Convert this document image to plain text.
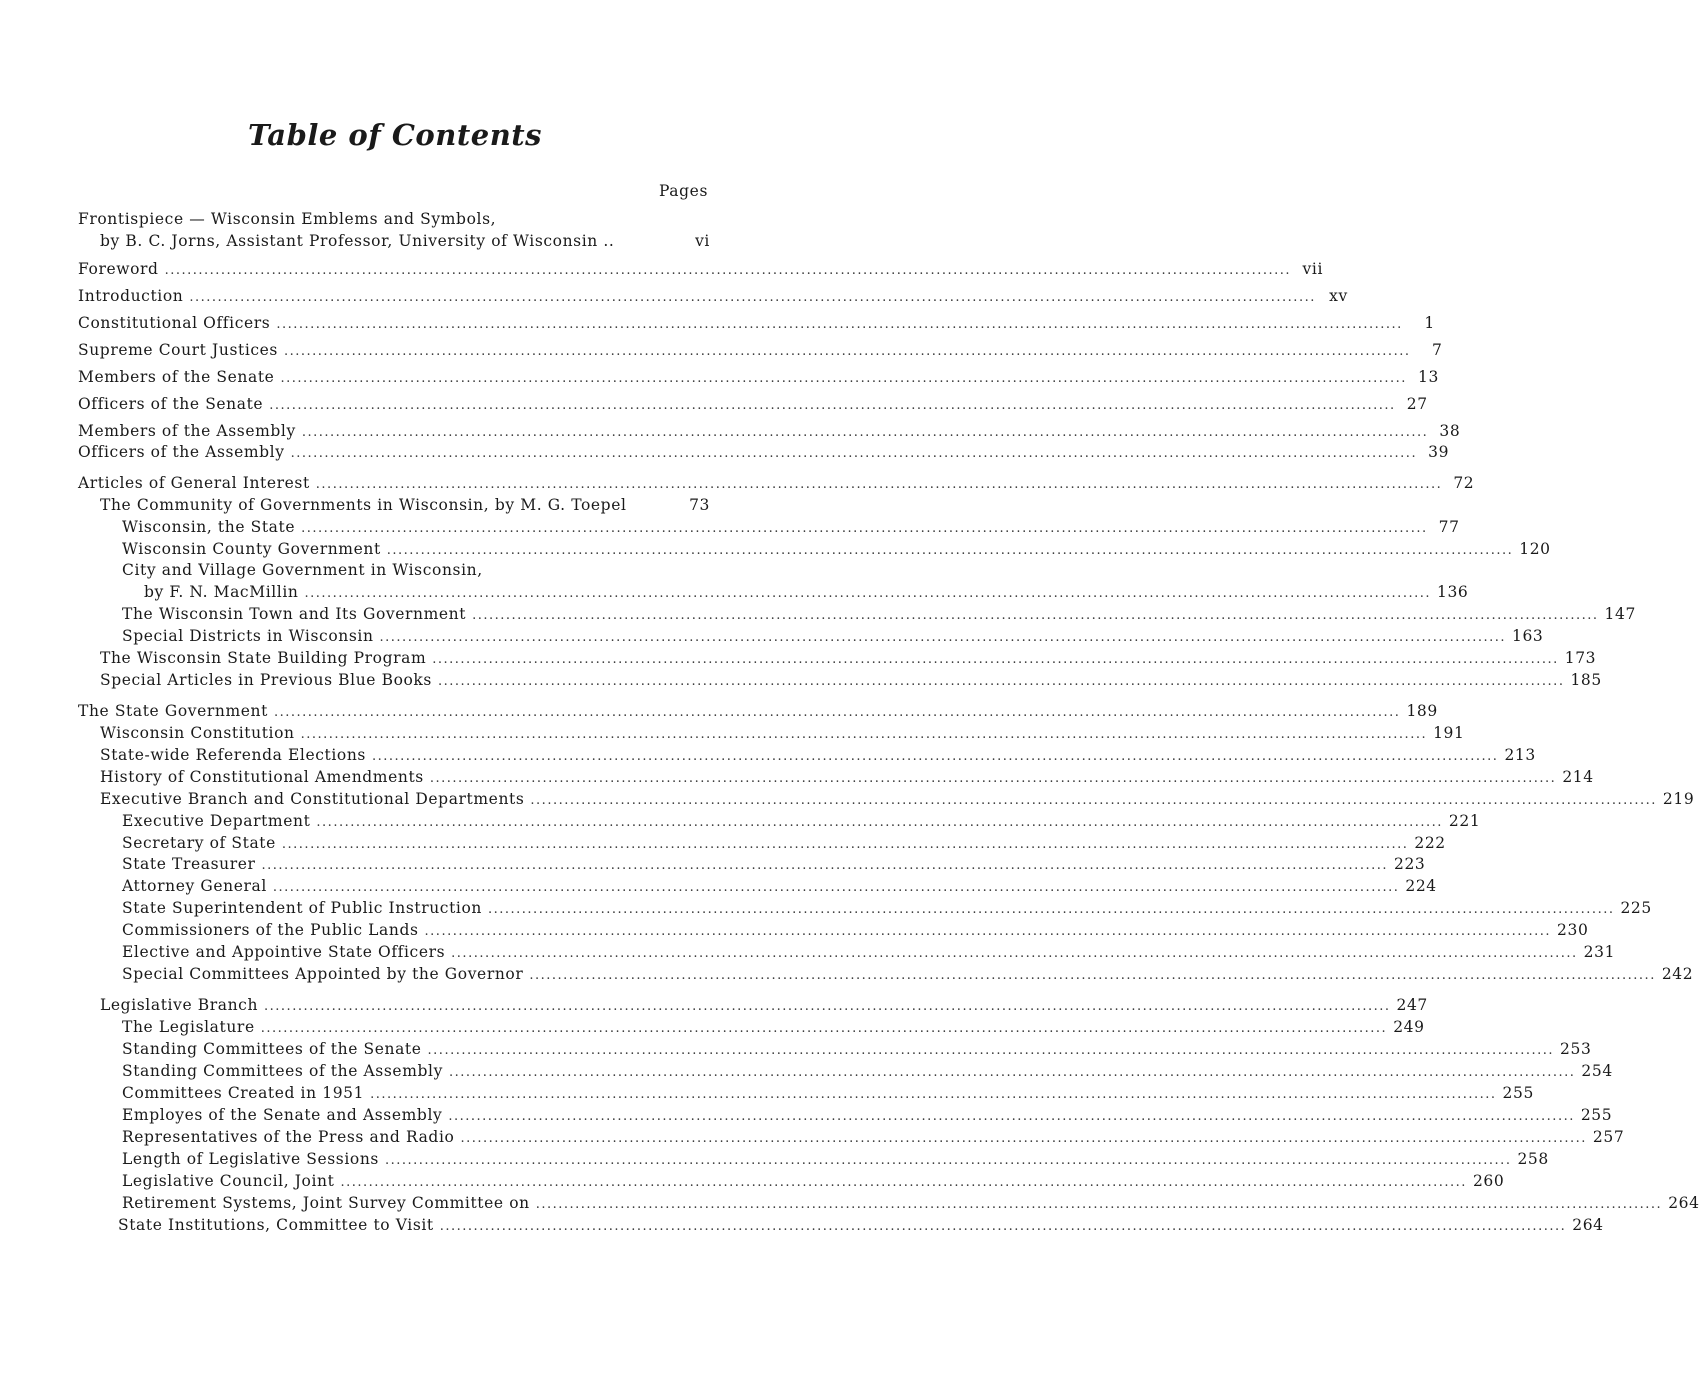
Table of Contents
Pages
Frontispiece — Wisconsin Emblems and Symbols,
by B. C. Jorns, Assistant Professor, University of Wisconsin ..	vi
Foreword ........................................................................................................................................................................................................ vii
Introduction ........................................................................................................................................................................................................ xv
Constitutional Officers ........................................................................................................................................................................................................	1
Supreme Court Justices ........................................................................................................................................................................................................	7
Members of the Senate ........................................................................................................................................................................................................ 13
Officers of the Senate ........................................................................................................................................................................................................ 27
Members of the Assembly ........................................................................................................................................................................................................ 38
Officers of the Assembly ........................................................................................................................................................................................................ 39
Articles of General Interest ........................................................................................................................................................................................................ 72
The Community of Governments in Wisconsin, by M. G. Toepel	73
Wisconsin, the State ........................................................................................................................................................................................................ 77
Wisconsin County Government ........................................................................................................................................................................................................ 120
City and Village Government in Wisconsin,
by F. N. MacMillin ........................................................................................................................................................................................................ 136
The Wisconsin Town and Its Government ........................................................................................................................................................................................................ 147
Special Districts in Wisconsin ........................................................................................................................................................................................................ 163
The Wisconsin State Building Program ........................................................................................................................................................................................................ 173
Special Articles in Previous Blue Books ........................................................................................................................................................................................................ 185
The State Government ........................................................................................................................................................................................................ 189
Wisconsin Constitution ........................................................................................................................................................................................................ 191
State-wide Referenda Elections ........................................................................................................................................................................................................ 213
History of Constitutional Amendments ........................................................................................................................................................................................................ 214
Executive Branch and Constitutional Departments ........................................................................................................................................................................................................ 219
Executive Department ........................................................................................................................................................................................................ 221
Secretary of State ........................................................................................................................................................................................................ 222
State Treasurer ........................................................................................................................................................................................................ 223
Attorney General ........................................................................................................................................................................................................ 224
State Superintendent of Public Instruction ........................................................................................................................................................................................................ 225
Commissioners of the Public Lands ........................................................................................................................................................................................................ 230
Elective and Appointive State Officers ........................................................................................................................................................................................................ 231
Special Committees Appointed by the Governor ........................................................................................................................................................................................................ 242
Legislative Branch ........................................................................................................................................................................................................ 247
The Legislature ........................................................................................................................................................................................................ 249
Standing Committees of the Senate ........................................................................................................................................................................................................ 253
Standing Committees of the Assembly ........................................................................................................................................................................................................ 254
Committees Created in 1951 ........................................................................................................................................................................................................ 255
Employes of the Senate and Assembly ........................................................................................................................................................................................................ 255
Representatives of the Press and Radio ........................................................................................................................................................................................................ 257
Length of Legislative Sessions ........................................................................................................................................................................................................ 258
Legislative Council, Joint ........................................................................................................................................................................................................ 260
Retirement Systems, Joint Survey Committee on ........................................................................................................................................................................................................ 264
State Institutions, Committee to Visit ........................................................................................................................................................................................................ 264
